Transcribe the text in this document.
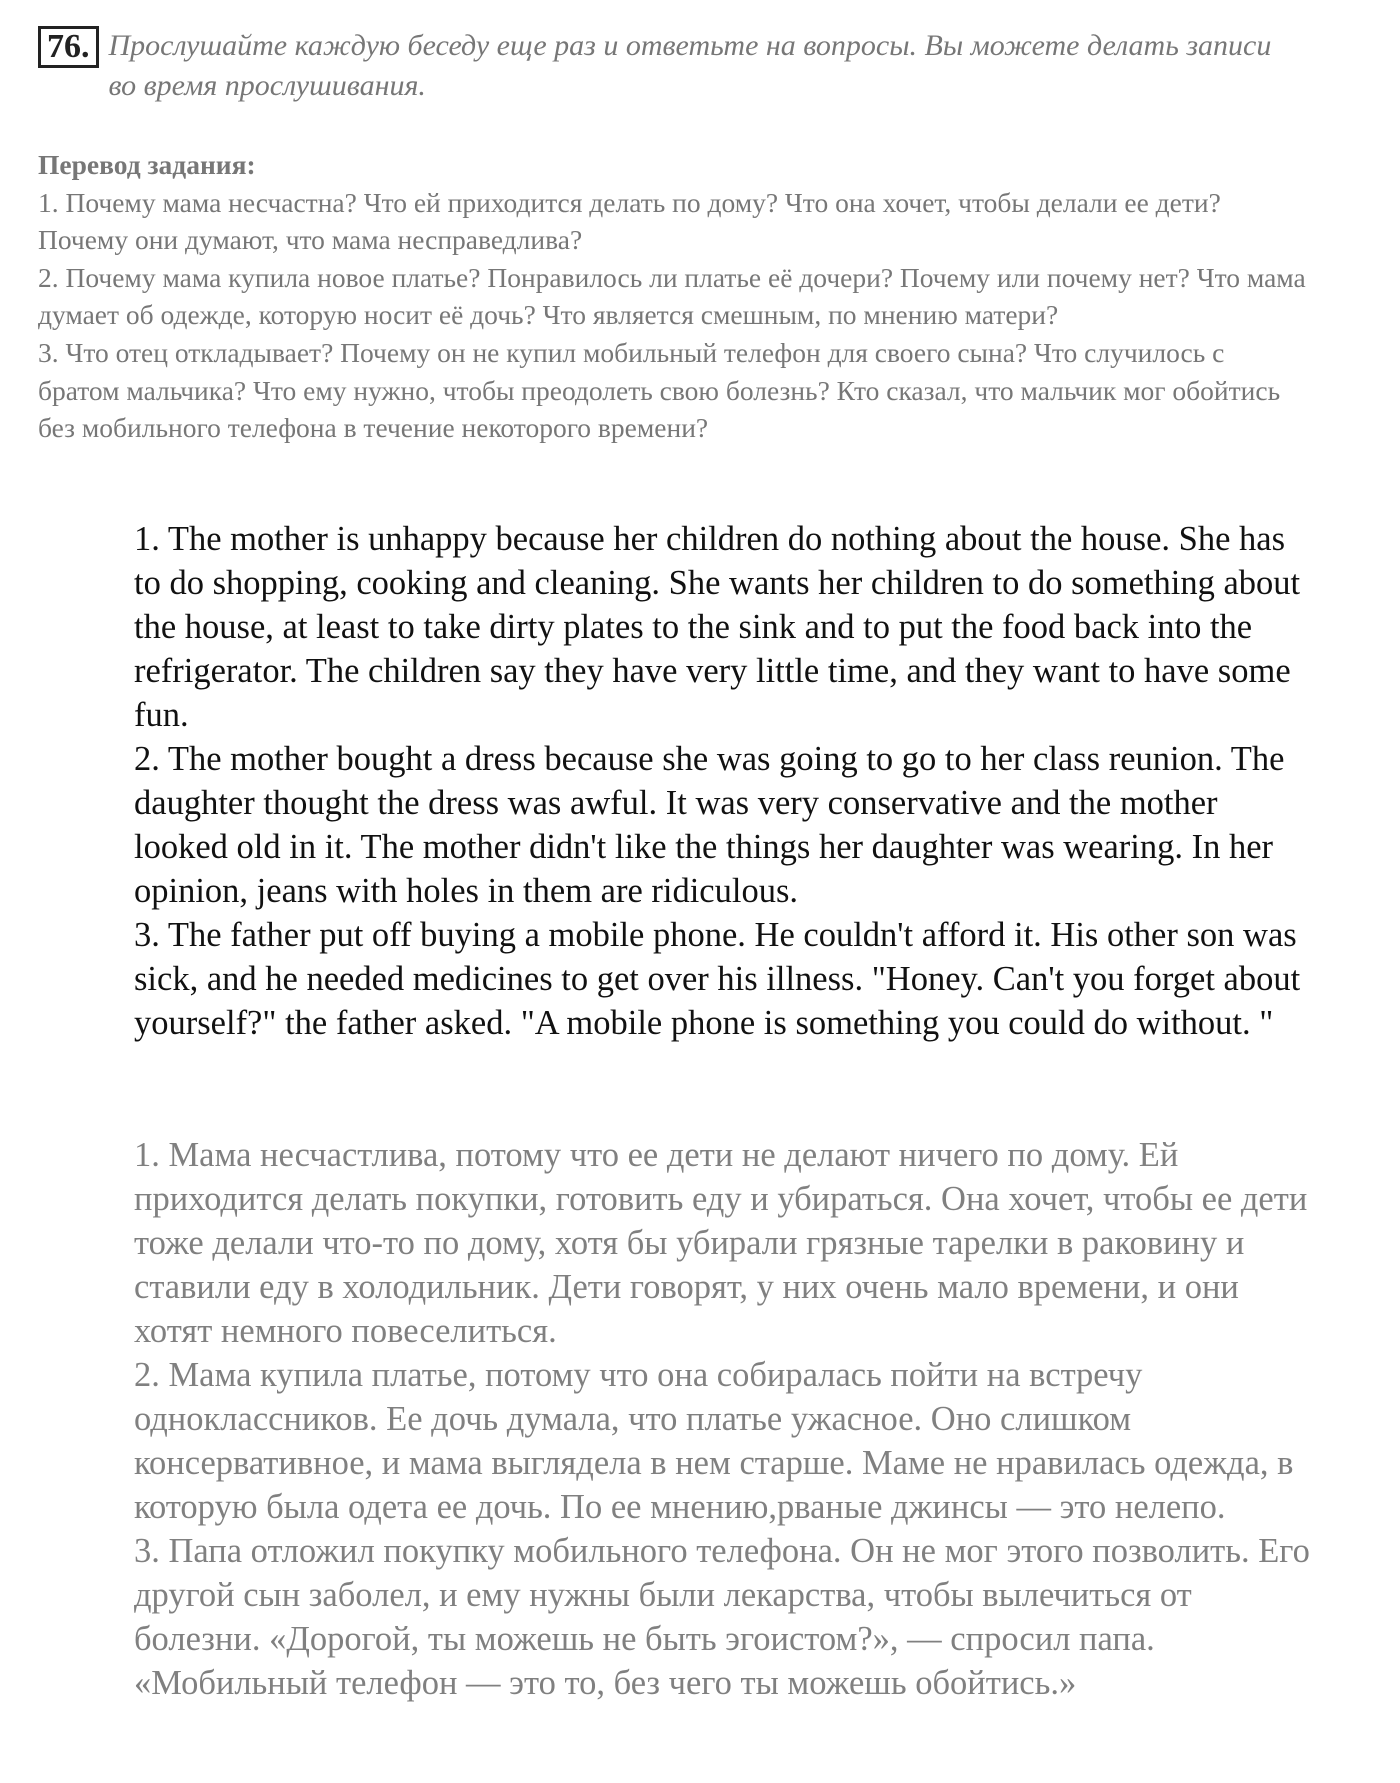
76. Прослушайте каждую беседу еще раз и ответьте на вопросы. Вы можете делать записи во время прослушивания.
Перевод задания:

1. Почему мама несчастна? Что ей приходится делать по дому? Что она хочет, чтобы делали ее дети? Почему они думают, что мама несправедлива?

2. Почему мама купила новое платье? Понравилось ли платье её дочери? Почему или почему нет? Что мама думает об одежде, которую носит её дочь? Что является смешным, по мнению матери?

3. Что отец откладывает? Почему он не купил мобильный телефон для своего сына? Что случилось с братом мальчика? Что ему нужно, чтобы преодолеть свою болезнь? Кто сказал, что мальчик мог обойтись без мобильного телефона в течение некоторого времени?

1. The mother is unhappy because her children do nothing about the house. She has to do shopping, cooking and cleaning. She wants her children to do something about the house, at least to take dirty plates to the sink and to put the food back into the refrigerator. The children say they have very little time, and they want to have some fun.

2. The mother bought a dress because she was going to go to her class reunion. The daughter thought the dress was awful. It was very conservative and the mother looked old in it. The mother didn't like the things her daughter was wearing. In her opinion, jeans with holes in them are ridiculous.

3. The father put off buying a mobile phone. He couldn't afford it. His other son was sick, and he needed medicines to get over his illness. "Honey. Can't you forget about yourself?" the father asked. "A mobile phone is something you could do without. "

1. Мама несчастлива, потому что ее дети не делают ничего по дому. Ей приходится делать покупки, готовить еду и убираться. Она хочет, чтобы ее дети тоже делали что-то по дому, хотя бы убирали грязные тарелки в раковину и ставили еду в холодильник. Дети говорят, у них очень мало времени, и они хотят немного повеселиться.

2. Мама купила платье, потому что она собиралась пойти на встречу одноклассников. Ее дочь думала, что платье ужасное. Оно слишком консервативное, и мама выглядела в нем старше. Маме не нравилась одежда, в которую была одета ее дочь. По ее мнению,рваные джинсы — это нелепо.

3. Папа отложил покупку мобильного телефона. Он не мог этого позволить. Его другой сын заболел, и ему нужны были лекарства, чтобы вылечиться от болезни. «Дорогой, ты можешь не быть эгоистом?», — спросил папа. «Мобильный телефон — это то, без чего ты можешь обойтись.»
